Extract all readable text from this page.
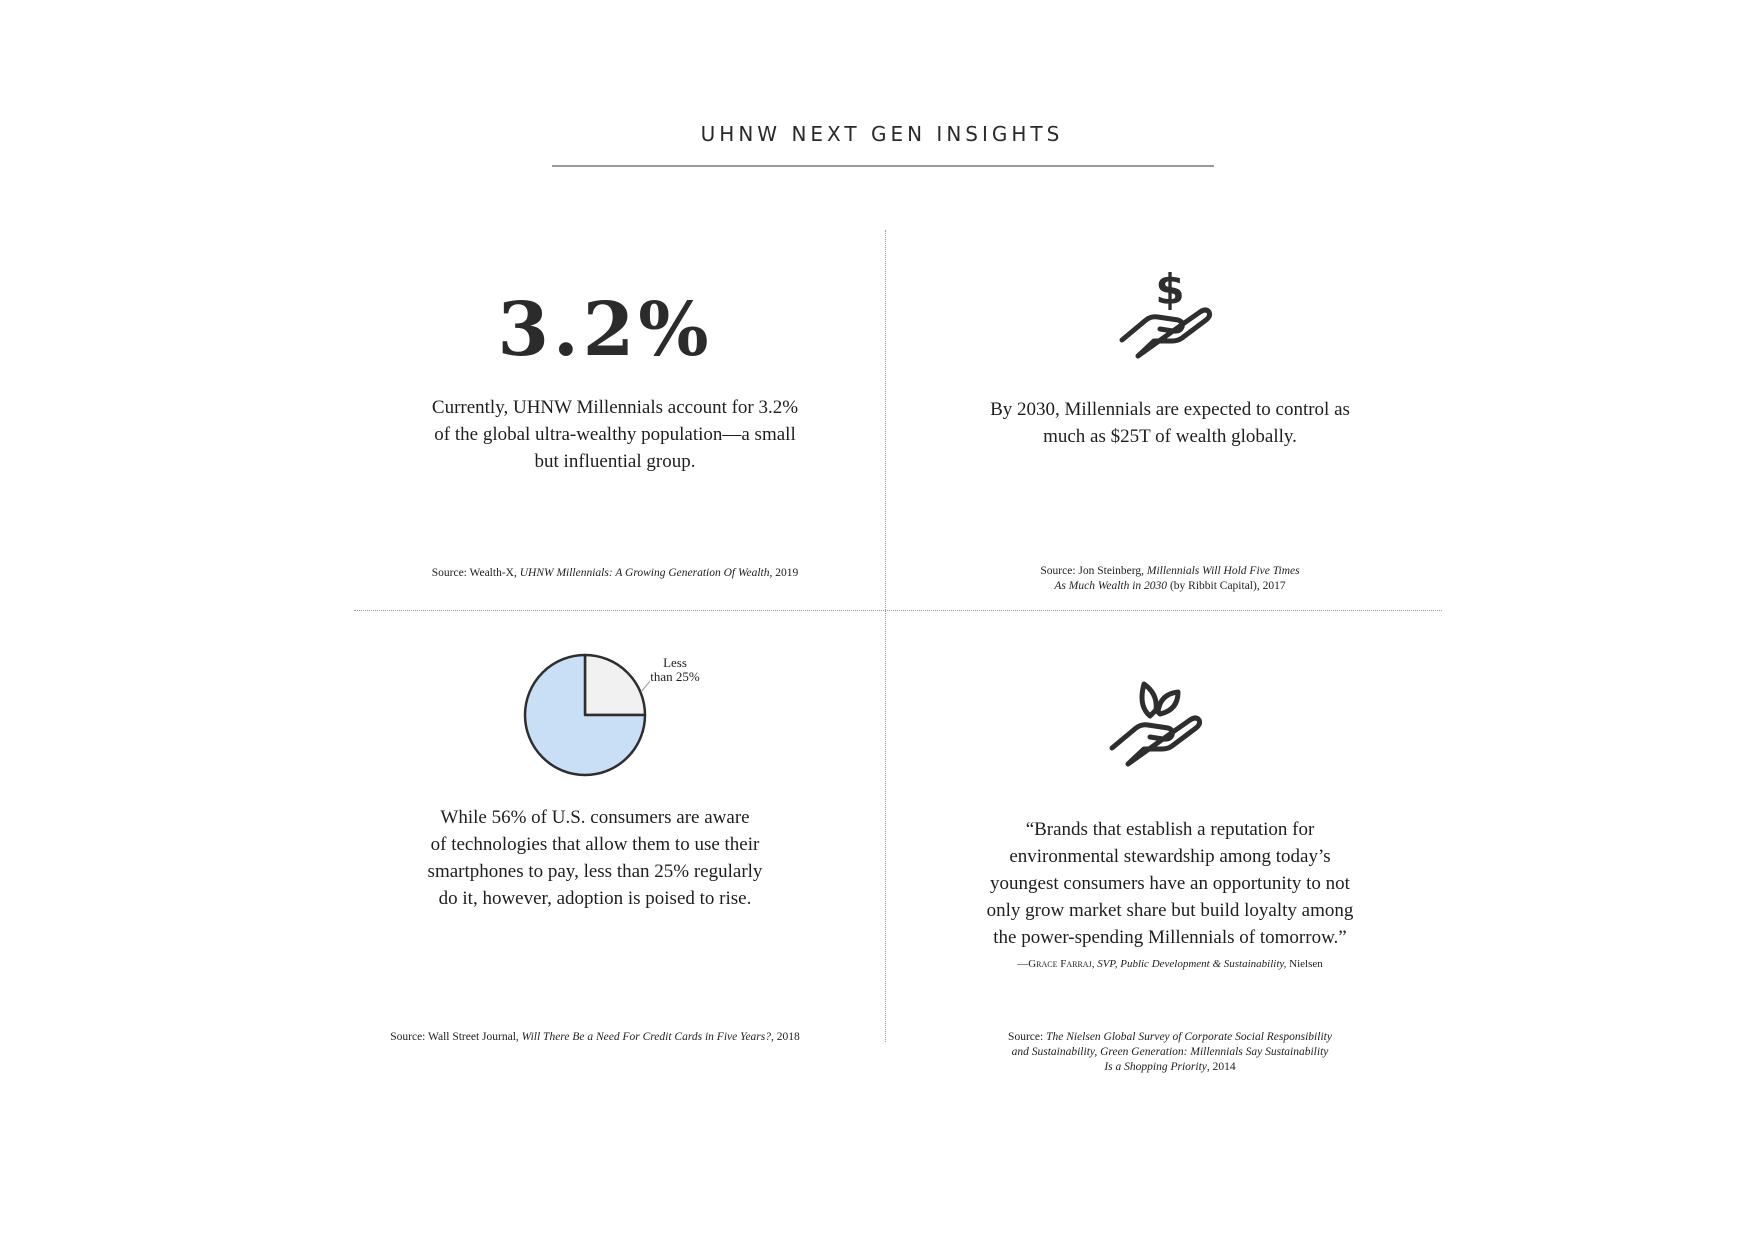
UHNW NEXT GEN INSIGHTS
3.2%
Currently, UHNW Millennials account for 3.2%
of the global ultra-wealthy population—a small
but influential group.
Source: Wealth-X, UHNW Millennials: A Growing Generation Of Wealth, 2019
$
By 2030, Millennials are expected to control as
much as $25T of wealth globally.
Source: Jon Steinberg, Millennials Will Hold Five Times
As Much Wealth in 2030 (by Ribbit Capital), 2017
Less
than 25%
While 56% of U.S. consumers are aware
of technologies that allow them to use their
smartphones to pay, less than 25% regularly
do it, however, adoption is poised to rise.
Source: Wall Street Journal, Will There Be a Need For Credit Cards in Five Years?, 2018
“Brands that establish a reputation for
environmental stewardship among today’s
youngest consumers have an opportunity to not
only grow market share but build loyalty among
the power-spending Millennials of tomorrow.”
—Grace Farraj, SVP, Public Development & Sustainability, Nielsen
Source: The Nielsen Global Survey of Corporate Social Responsibility
and Sustainability, Green Generation: Millennials Say Sustainability
Is a Shopping Priority, 2014
